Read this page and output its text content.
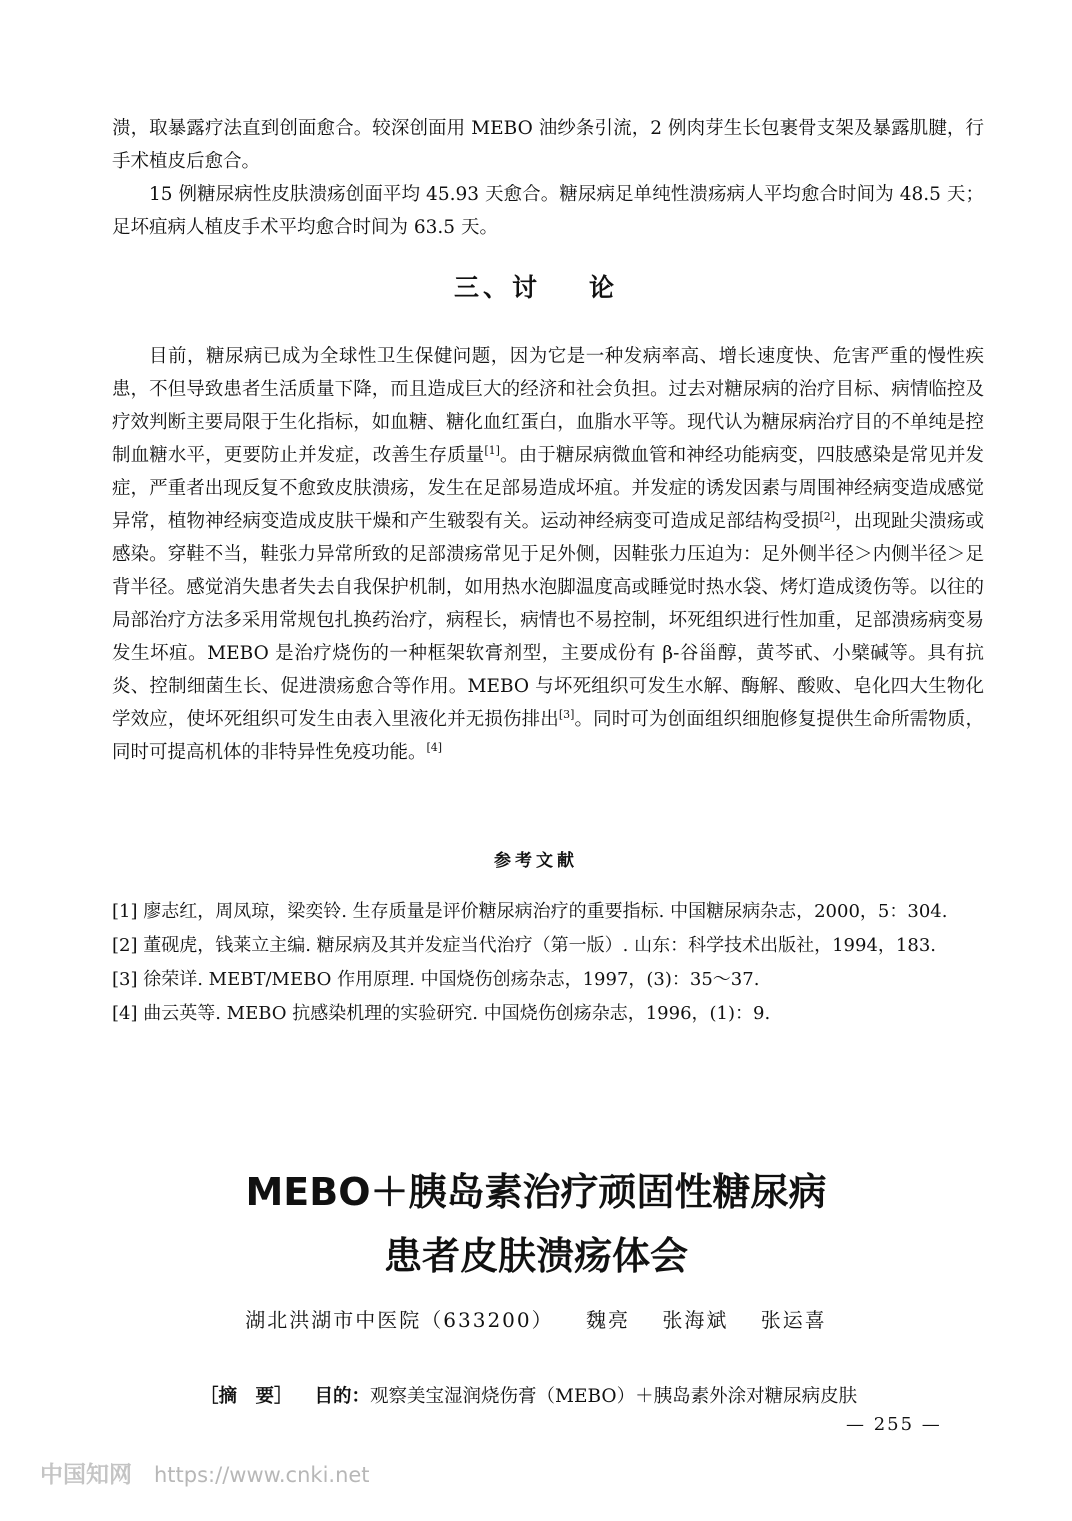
溃，取暴露疗法直到创面愈合。较深创面用 MEBO 油纱条引流，2 例肉芽生长包裹骨支架及暴露肌腱，行手术植皮后愈合。

15 例糖尿病性皮肤溃疡创面平均 45.93 天愈合。糖尿病足单纯性溃疡病人平均愈合时间为 48.5 天；足坏疽病人植皮手术平均愈合时间为 63.5 天。

三、讨 论

目前，糖尿病已成为全球性卫生保健问题，因为它是一种发病率高、增长速度快、危害严重的慢性疾患，不但导致患者生活质量下降，而且造成巨大的经济和社会负担。过去对糖尿病的治疗目标、病情临控及疗效判断主要局限于生化指标，如血糖、糖化血红蛋白，血脂水平等。现代认为糖尿病治疗目的不单纯是控制血糖水平，更要防止并发症，改善生存质量[1]。由于糖尿病微血管和神经功能病变，四肢感染是常见并发症，严重者出现反复不愈致皮肤溃疡，发生在足部易造成坏疽。并发症的诱发因素与周围神经病变造成感觉异常，植物神经病变造成皮肤干燥和产生皲裂有关。运动神经病变可造成足部结构受损[2]，出现趾尖溃疡或感染。穿鞋不当，鞋张力异常所致的足部溃疡常见于足外侧，因鞋张力压迫为：足外侧半径＞内侧半径＞足背半径。感觉消失患者失去自我保护机制，如用热水泡脚温度高或睡觉时热水袋、烤灯造成烫伤等。以往的局部治疗方法多采用常规包扎换药治疗，病程长，病情也不易控制，坏死组织进行性加重，足部溃疡病变易发生坏疽。MEBO 是治疗烧伤的一种框架软膏剂型，主要成份有 β-谷甾醇，黄芩甙、小檗碱等。具有抗炎、控制细菌生长、促进溃疡愈合等作用。MEBO 与坏死组织可发生水解、酶解、酸败、皂化四大生物化学效应，使坏死组织可发生由表入里液化并无损伤排出[3]。同时可为创面组织细胞修复提供生命所需物质，同时可提高机体的非特异性免疫功能。[4]

参考文献
[1] 廖志红，周凤琼，梁奕铃. 生存质量是评价糖尿病治疗的重要指标. 中国糖尿病杂志，2000，5：304.
[2] 董砚虎，钱莱立主编. 糖尿病及其并发症当代治疗（第一版）. 山东：科学技术出版社，1994，183.
[3] 徐荣详. MEBT/MEBO 作用原理. 中国烧伤创疡杂志，1997，(3)：35～37.
[4] 曲云英等. MEBO 抗感染机理的实验研究. 中国烧伤创疡杂志，1996，(1)：9.
MEBO＋胰岛素治疗顽固性糖尿病
患者皮肤溃疡体会
湖北洪湖市中医院（633200） 魏亮 张海斌 张运喜
［摘　要］ 目的：观察美宝湿润烧伤膏（MEBO）＋胰岛素外涂对糖尿病皮肤
— 255 —
中国知网 https://www.cnki.net
